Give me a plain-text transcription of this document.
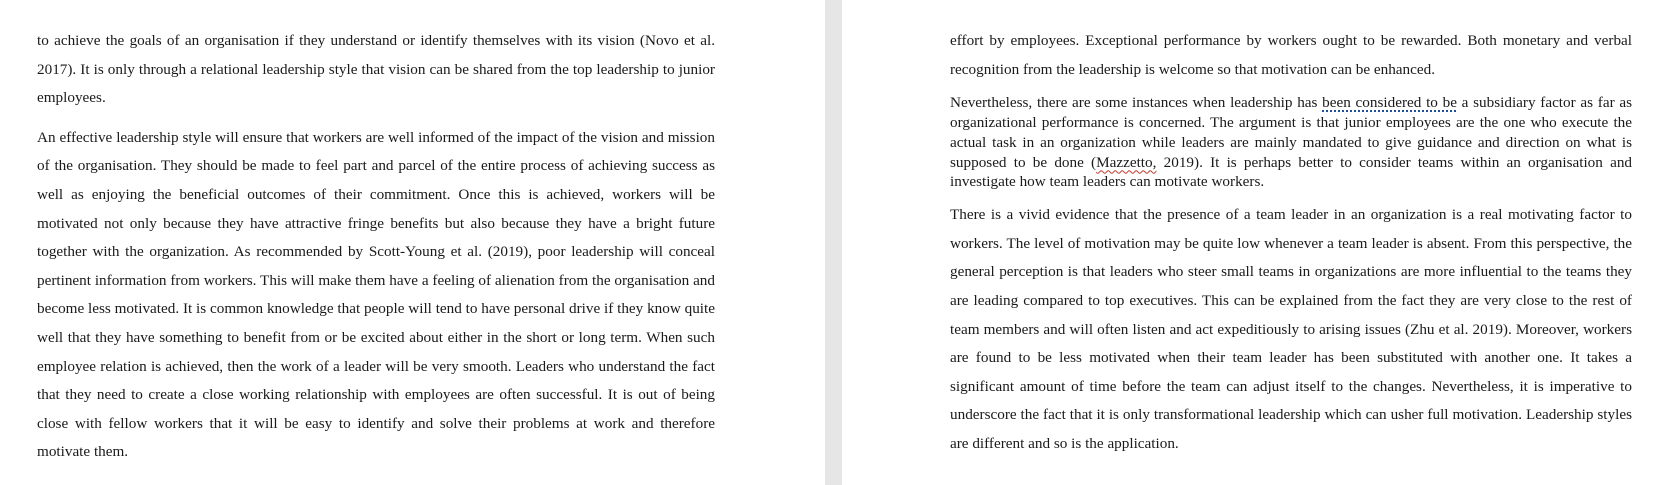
to achieve the goals of an organisation if they understand or identify themselves with its vision (Novo et al. 2017). It is only through a relational leadership style that vision can be shared from the top leadership to junior employees.

An effective leadership style will ensure that workers are well informed of the impact of the vision and mission of the organisation. They should be made to feel part and parcel of the entire process of achieving success as well as enjoying the beneficial outcomes of their commitment. Once this is achieved, workers will be motivated not only because they have attractive fringe benefits but also because they have a bright future together with the organization. As recommended by Scott-Young et al. (2019), poor leadership will conceal pertinent information from workers. This will make them have a feeling of alienation from the organisation and become less motivated. It is common knowledge that people will tend to have personal drive if they know quite well that they have something to benefit from or be excited about either in the short or long term. When such employee relation is achieved, then the work of a leader will be very smooth. Leaders who understand the fact that they need to create a close working relationship with employees are often successful. It is out of being close with fellow workers that it will be easy to identify and solve their problems at work and therefore motivate them.

effort by employees. Exceptional performance by workers ought to be rewarded. Both monetary and verbal recognition from the leadership is welcome so that motivation can be enhanced.

Nevertheless, there are some instances when leadership has been considered to be a subsidiary factor as far as organizational performance is concerned. The argument is that junior employees are the one who execute the actual task in an organization while leaders are mainly mandated to give guidance and direction on what is supposed to be done (Mazzetto, 2019). It is perhaps better to consider teams within an organisation and investigate how team leaders can motivate workers.

There is a vivid evidence that the presence of a team leader in an organization is a real motivating factor to workers. The level of motivation may be quite low whenever a team leader is absent. From this perspective, the general perception is that leaders who steer small teams in organizations are more influential to the teams they are leading compared to top executives. This can be explained from the fact they are very close to the rest of team members and will often listen and act expeditiously to arising issues (Zhu et al. 2019). Moreover, workers are found to be less motivated when their team leader has been substituted with another one. It takes a significant amount of time before the team can adjust itself to the changes. Nevertheless, it is imperative to underscore the fact that it is only transformational leadership which can usher full motivation. Leadership styles are different and so is the application.
